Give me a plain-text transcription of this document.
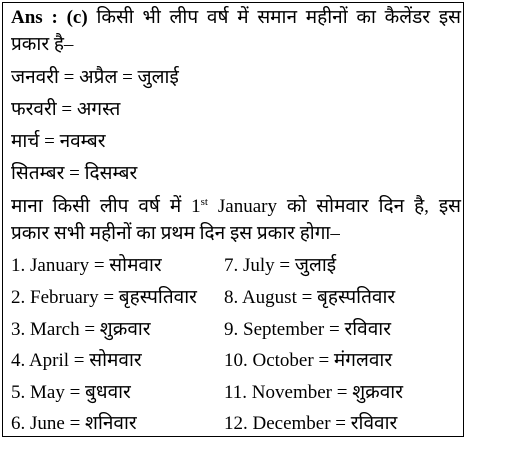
Ans : (c) किसी भी लीप वर्ष में समान महीनों का कैलेंडर इस
प्रकार है–
जनवरी = अप्रैल = जुलाई
फरवरी = अगस्त
मार्च = नवम्बर
सितम्बर = दिसम्बर
माना किसी लीप वर्ष में 1st January को सोमवार दिन है, इस
प्रकार सभी महीनों का प्रथम दिन इस प्रकार होगा–
1. January = सोमवार	7. July = जुलाई
2. February = बृहस्पतिवार 8. August = बृहस्पतिवार
3. March = शुक्रवार	9. September = रविवार
4. April = सोमवार	10. October = मंगलवार
5. May = बुधवार	11. November = शुक्रवार
6. June = शनिवार	12. December = रविवार
